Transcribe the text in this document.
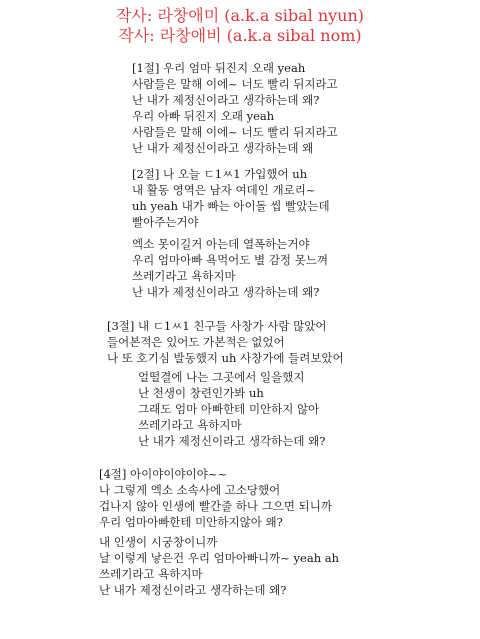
작사: 라창애미 (a.k.a sibal nyun)
작사: 라창애비 (a.k.a sibal nom)
[1절] 우리 엄마 뒤진지 오래 yeah
사람들은 말해 이에~ 너도 빨리 뒤지라고
난 내가 제정신이라고 생각하는데 왜?
우리 아빠 뒤진지 오래 yeah
사람들은 말해 이에~ 너도 빨리 뒤지라고
난 내가 제정신이라고 생각하는데 왜
[2절] 나 오늘 ㄷ1ㅆ1 가입했어 uh
내 활동 영역은 남자 여데인 개로리~
uh yeah 내가 빠는 아이돌 씹 빨았는데
빨아주는거야
엑소 못이길거 아는데 열폭하는거야
우리 엄마아빠 욕먹어도 별 감정 못느껴
쓰레기라고 욕하지마
난 내가 제정신이라고 생각하는데 왜?
[3절] 내 ㄷ1ㅆ1 친구들 사창가 사람 많았어
들어본적은 있어도 가본적은 없었어
나 또 호기심 발동했지 uh 사창가에 들려보았어
얼떨결에 나는 그곳에서 일을했지
난 천생이 창련인가봐 uh
그래도 엄마 아빠한테 미안하지 않아
쓰레기라고 욕하지마
난 내가 제정신이라고 생각하는데 왜?
[4절] 아이야이야이야~~
나 그렇게 엑소 소속사에 고소당했어
겁나지 않아 인생에 빨간줄 하나 그으면 되니까
우리 엄마아빠한테 미안하지않아 왜?
내 인생이 시궁창이니까
날 이렇게 낳은건 우리 엄마아빠니까~ yeah ah
쓰레기라고 욕하지마
난 내가 제정신이라고 생각하는데 왜?
